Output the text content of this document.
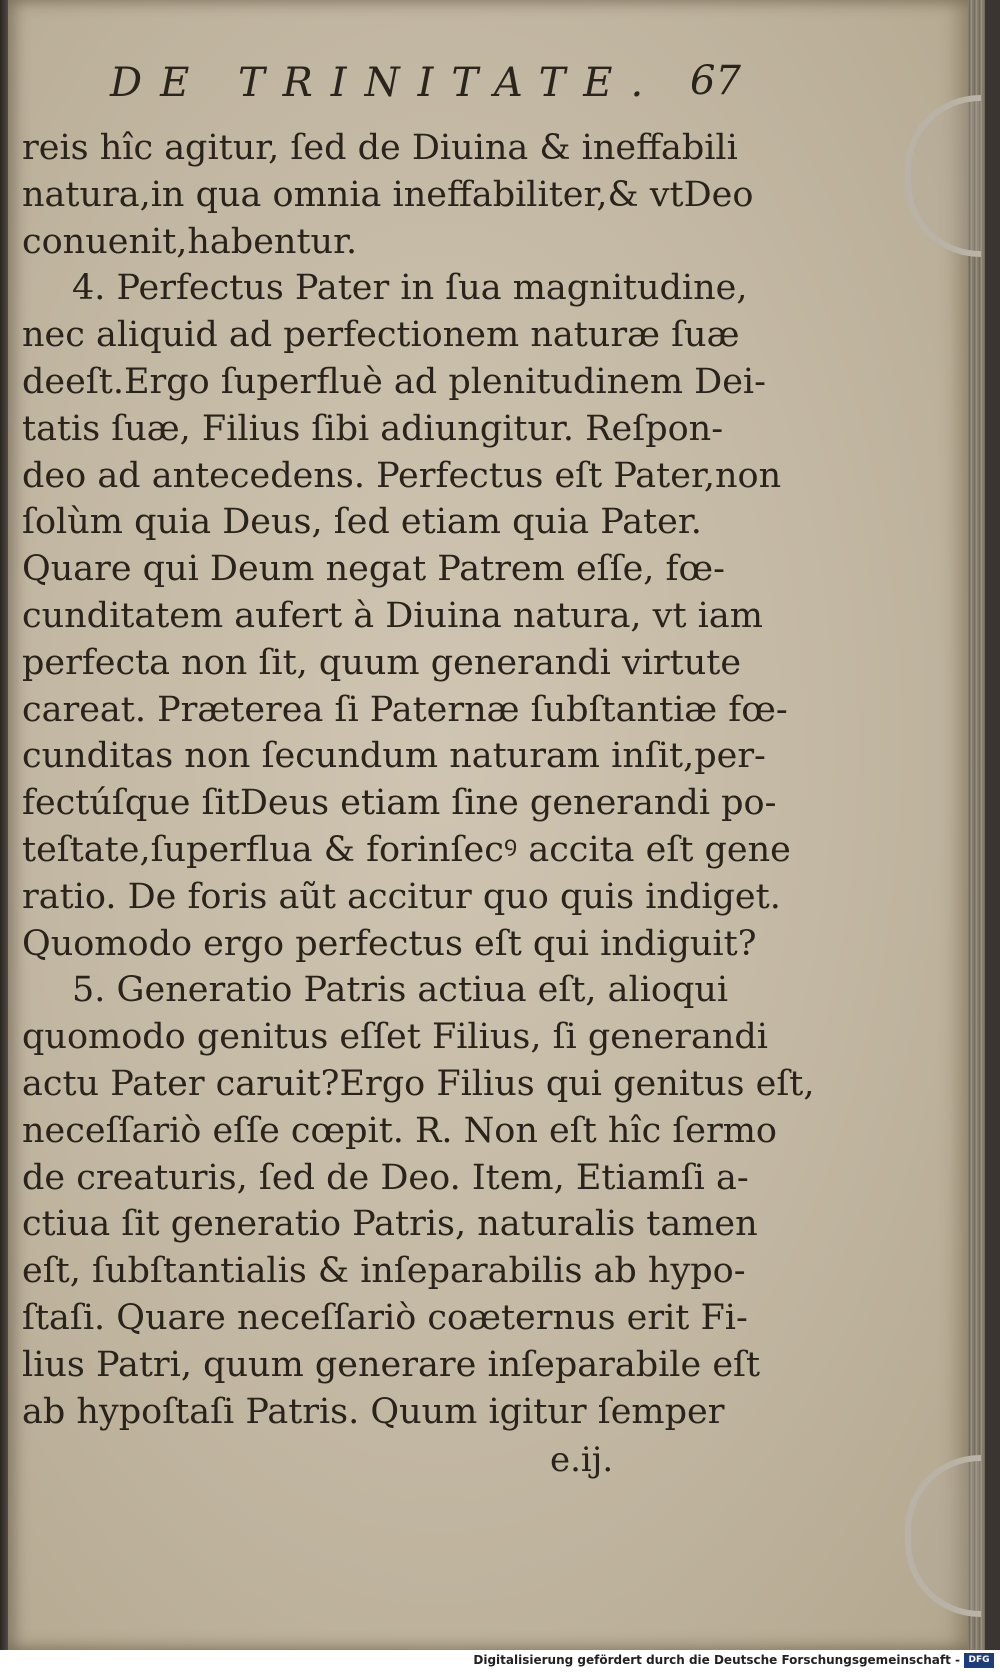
DE TRINITATE. 67
reis hîc agitur, ſed de Diuina & ineffabili
natura,in qua omnia ineffabiliter,& vtDeo
conuenit,habentur.
4. Perfectus Pater in ſua magnitudine,
nec aliquid ad perfectionem naturæ ſuæ
deeſt.Ergo ſuperfluè ad plenitudinem Dei-
tatis ſuæ, Filius ſibi adiungitur. Reſpon-
deo ad antecedens. Perfectus eſt Pater,non
ſolùm quia Deus, ſed etiam quia Pater.
Quare qui Deum negat Patrem eſſe, fœ-
cunditatem aufert à Diuina natura, vt iam
perfecta non ſit, quum generandi virtute
careat. Præterea ſi Paternæ ſubſtantiæ fœ-
cunditas non ſecundum naturam inſit,per-
fectúſque ſitDeus etiam ſine generandi po-
teſtate,ſuperflua & forinſecꝰ accita eſt gene
ratio. De foris aũt accitur quo quis indiget.
Quomodo ergo perfectus eſt qui indiguit?
5. Generatio Patris actiua eſt, alioqui
quomodo genitus eſſet Filius, ſi generandi
actu Pater caruit?Ergo Filius qui genitus eſt,
neceſſariò eſſe cœpit. R. Non eſt hîc ſermo
de creaturis, ſed de Deo. Item, Etiamſi a-
ctiua ſit generatio Patris, naturalis tamen
eſt, ſubſtantialis & inſeparabilis ab hypo-
ſtaſi. Quare neceſſariò coæternus erit Fi-
lius Patri, quum generare inſeparabile eſt
ab hypoſtaſi Patris. Quum igitur ſemper
e.ij.
Digitalisierung gefördert durch die Deutsche Forschungsgemeinschaft - DFG
